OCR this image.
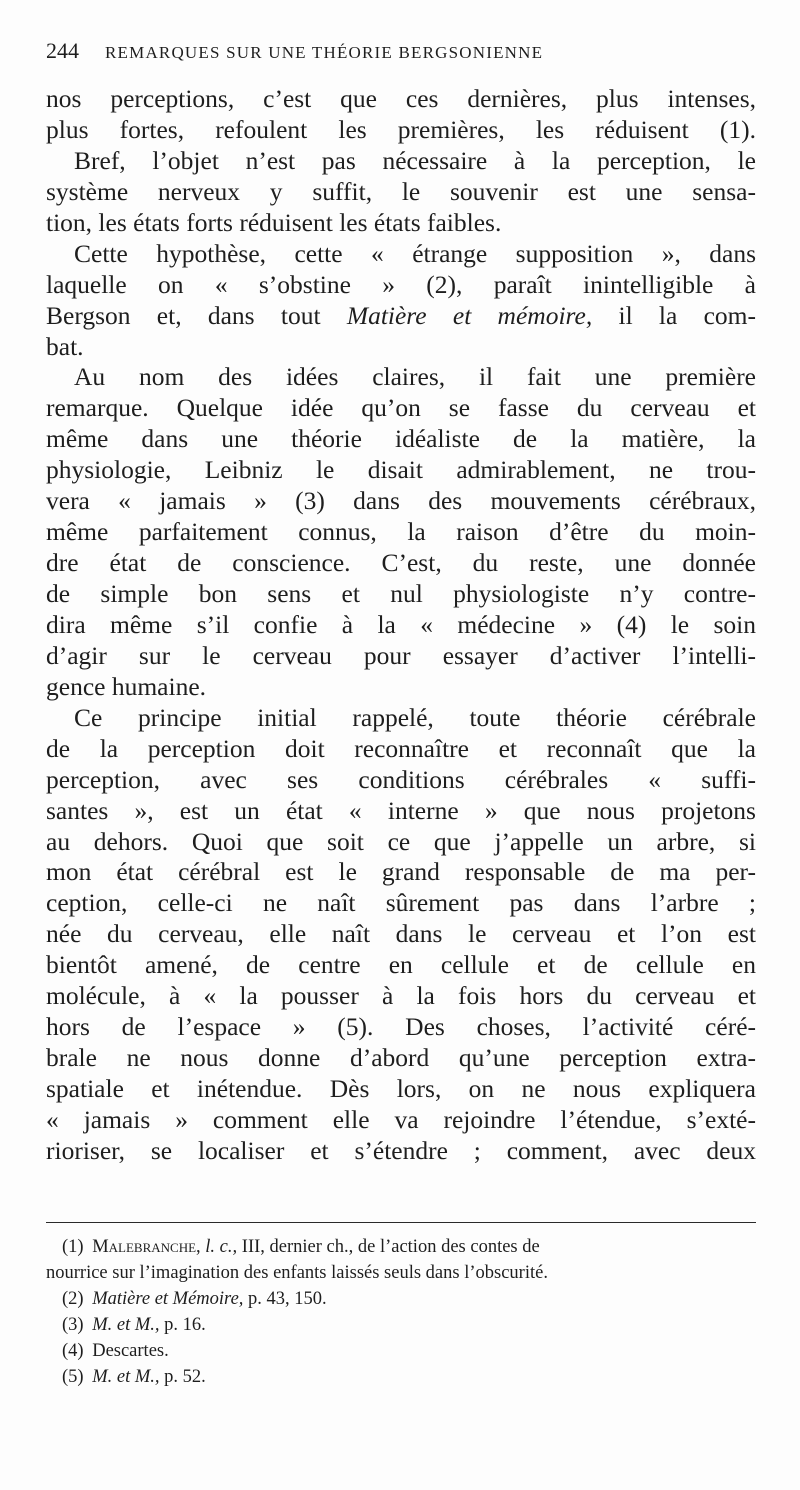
244 REMARQUES SUR UNE THÉORIE BERGSONIENNE
nos perceptions, c’est que ces dernières, plus intenses,
plus fortes, refoulent les premières, les réduisent (1).
Bref, l’objet n’est pas nécessaire à la perception, le
système nerveux y suffit, le souvenir est une sensa-
tion, les états forts réduisent les états faibles.
Cette hypothèse, cette « étrange supposition », dans
laquelle on « s’obstine » (2), paraît inintelligible à
Bergson et, dans tout Matière et mémoire, il la com-
bat.
Au nom des idées claires, il fait une première
remarque. Quelque idée qu’on se fasse du cerveau et
même dans une théorie idéaliste de la matière, la
physiologie, Leibniz le disait admirablement, ne trou-
vera « jamais » (3) dans des mouvements cérébraux,
même parfaitement connus, la raison d’être du moin-
dre état de conscience. C’est, du reste, une donnée
de simple bon sens et nul physiologiste n’y contre-
dira même s’il confie à la « médecine » (4) le soin
d’agir sur le cerveau pour essayer d’activer l’intelli-
gence humaine.
Ce principe initial rappelé, toute théorie cérébrale
de la perception doit reconnaître et reconnaît que la
perception, avec ses conditions cérébrales « suffi-
santes », est un état « interne » que nous projetons
au dehors. Quoi que soit ce que j’appelle un arbre, si
mon état cérébral est le grand responsable de ma per-
ception, celle-ci ne naît sûrement pas dans l’arbre ;
née du cerveau, elle naît dans le cerveau et l’on est
bientôt amené, de centre en cellule et de cellule en
molécule, à « la pousser à la fois hors du cerveau et
hors de l’espace » (5). Des choses, l’activité céré-
brale ne nous donne d’abord qu’une perception extra-
spatiale et inétendue. Dès lors, on ne nous expliquera
« jamais » comment elle va rejoindre l’étendue, s’exté-
rioriser, se localiser et s’étendre ; comment, avec deux
(1) Malebranche, l. c., III, dernier ch., de l’action des contes de
nourrice sur l’imagination des enfants laissés seuls dans l’obscurité.
(2) Matière et Mémoire, p. 43, 150.
(3) M. et M., p. 16.
(4) Descartes.
(5) M. et M., p. 52.
